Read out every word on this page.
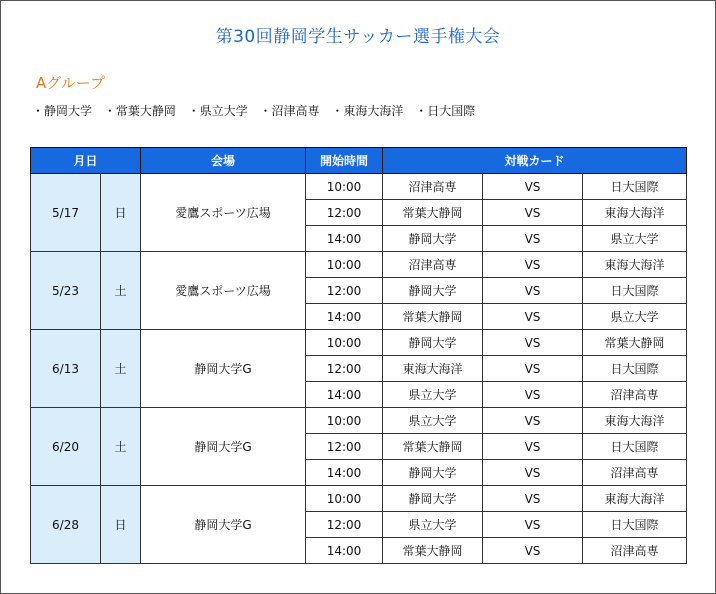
第30回静岡学生サッカー選手権大会
Aグループ
・静岡大学 ・常葉大静岡 ・県立大学 ・沼津高専 ・東海大海洋 ・日大国際
月日		会場	開始時間	対戦カード		
5/17	日	愛鷹スポーツ広場	10:00	沼津高専	VS	日大国際
			12:00	常葉大静岡	VS	東海大海洋
			14:00	静岡大学	VS	県立大学
5/23	土	愛鷹スポーツ広場	10:00	沼津高専	VS	東海大海洋
			12:00	静岡大学	VS	日大国際
			14:00	常葉大静岡	VS	県立大学
6/13	土	静岡大学G	10:00	静岡大学	VS	常葉大静岡
			12:00	東海大海洋	VS	日大国際
			14:00	県立大学	VS	沼津高専
6/20	土	静岡大学G	10:00	県立大学	VS	東海大海洋
			12:00	常葉大静岡	VS	日大国際
			14:00	静岡大学	VS	沼津高専
6/28	日	静岡大学G	10:00	静岡大学	VS	東海大海洋
			12:00	県立大学	VS	日大国際
			14:00	常葉大静岡	VS	沼津高専
